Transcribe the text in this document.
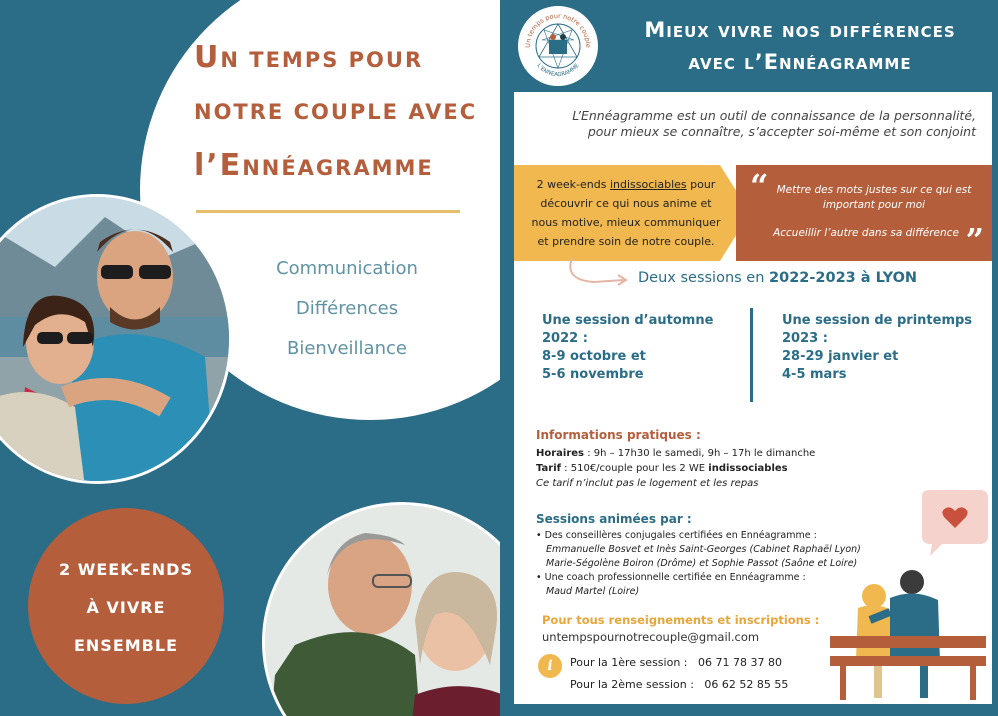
UN TEMPS POUR
NOTRE COUPLE AVEC
l’ENNÉAGRAMME
Communication
Différences
Bienveillance
2 WEEK-ENDS
À VIVRE
ENSEMBLE
Un temps pour notre couple
L’ENNEAGRAMME
Mieux vivre nos différences
avec l’Ennéagramme
L’Ennéagramme est un outil de connaissance de la personnalité,
pour mieux se connaître, s’accepter soi-même et son conjoint
2 week-ends indissociables pour découvrir ce qui nous anime et nous motive, mieux communiquer et prendre soin de notre couple.
“ Mettre des mots justes sur ce qui est important pour moi
Accueillir l’autre dans sa différence ”
Deux sessions en 2022-2023 à LYON
Une session d’automne
2022 :
8-9 octobre et
5-6 novembre
Une session de printemps
2023 :
28-29 janvier et
4-5 mars
Informations pratiques :
Horaires : 9h – 17h30 le samedi, 9h – 17h le dimanche
Tarif : 510€/couple pour les 2 WE indissociables
Ce tarif n’inclut pas le logement et les repas
Sessions animées par :
• Des conseillères conjugales certifiées en Ennéagramme :
Emmanuelle Bosvet et Inès Saint-Georges (Cabinet Raphaël Lyon)
Marie-Ségolène Boiron (Drôme) et Sophie Passot (Saône et Loire)
• Une coach professionnelle certifiée en Ennéagramme :
Maud Martel (Loire)
Pour tous renseignements et inscriptions :
untempspournotrecouple@gmail.com
i	Pour la 1ère session :   06 71 78 37 80
Pour la 2ème session :   06 62 52 85 55
